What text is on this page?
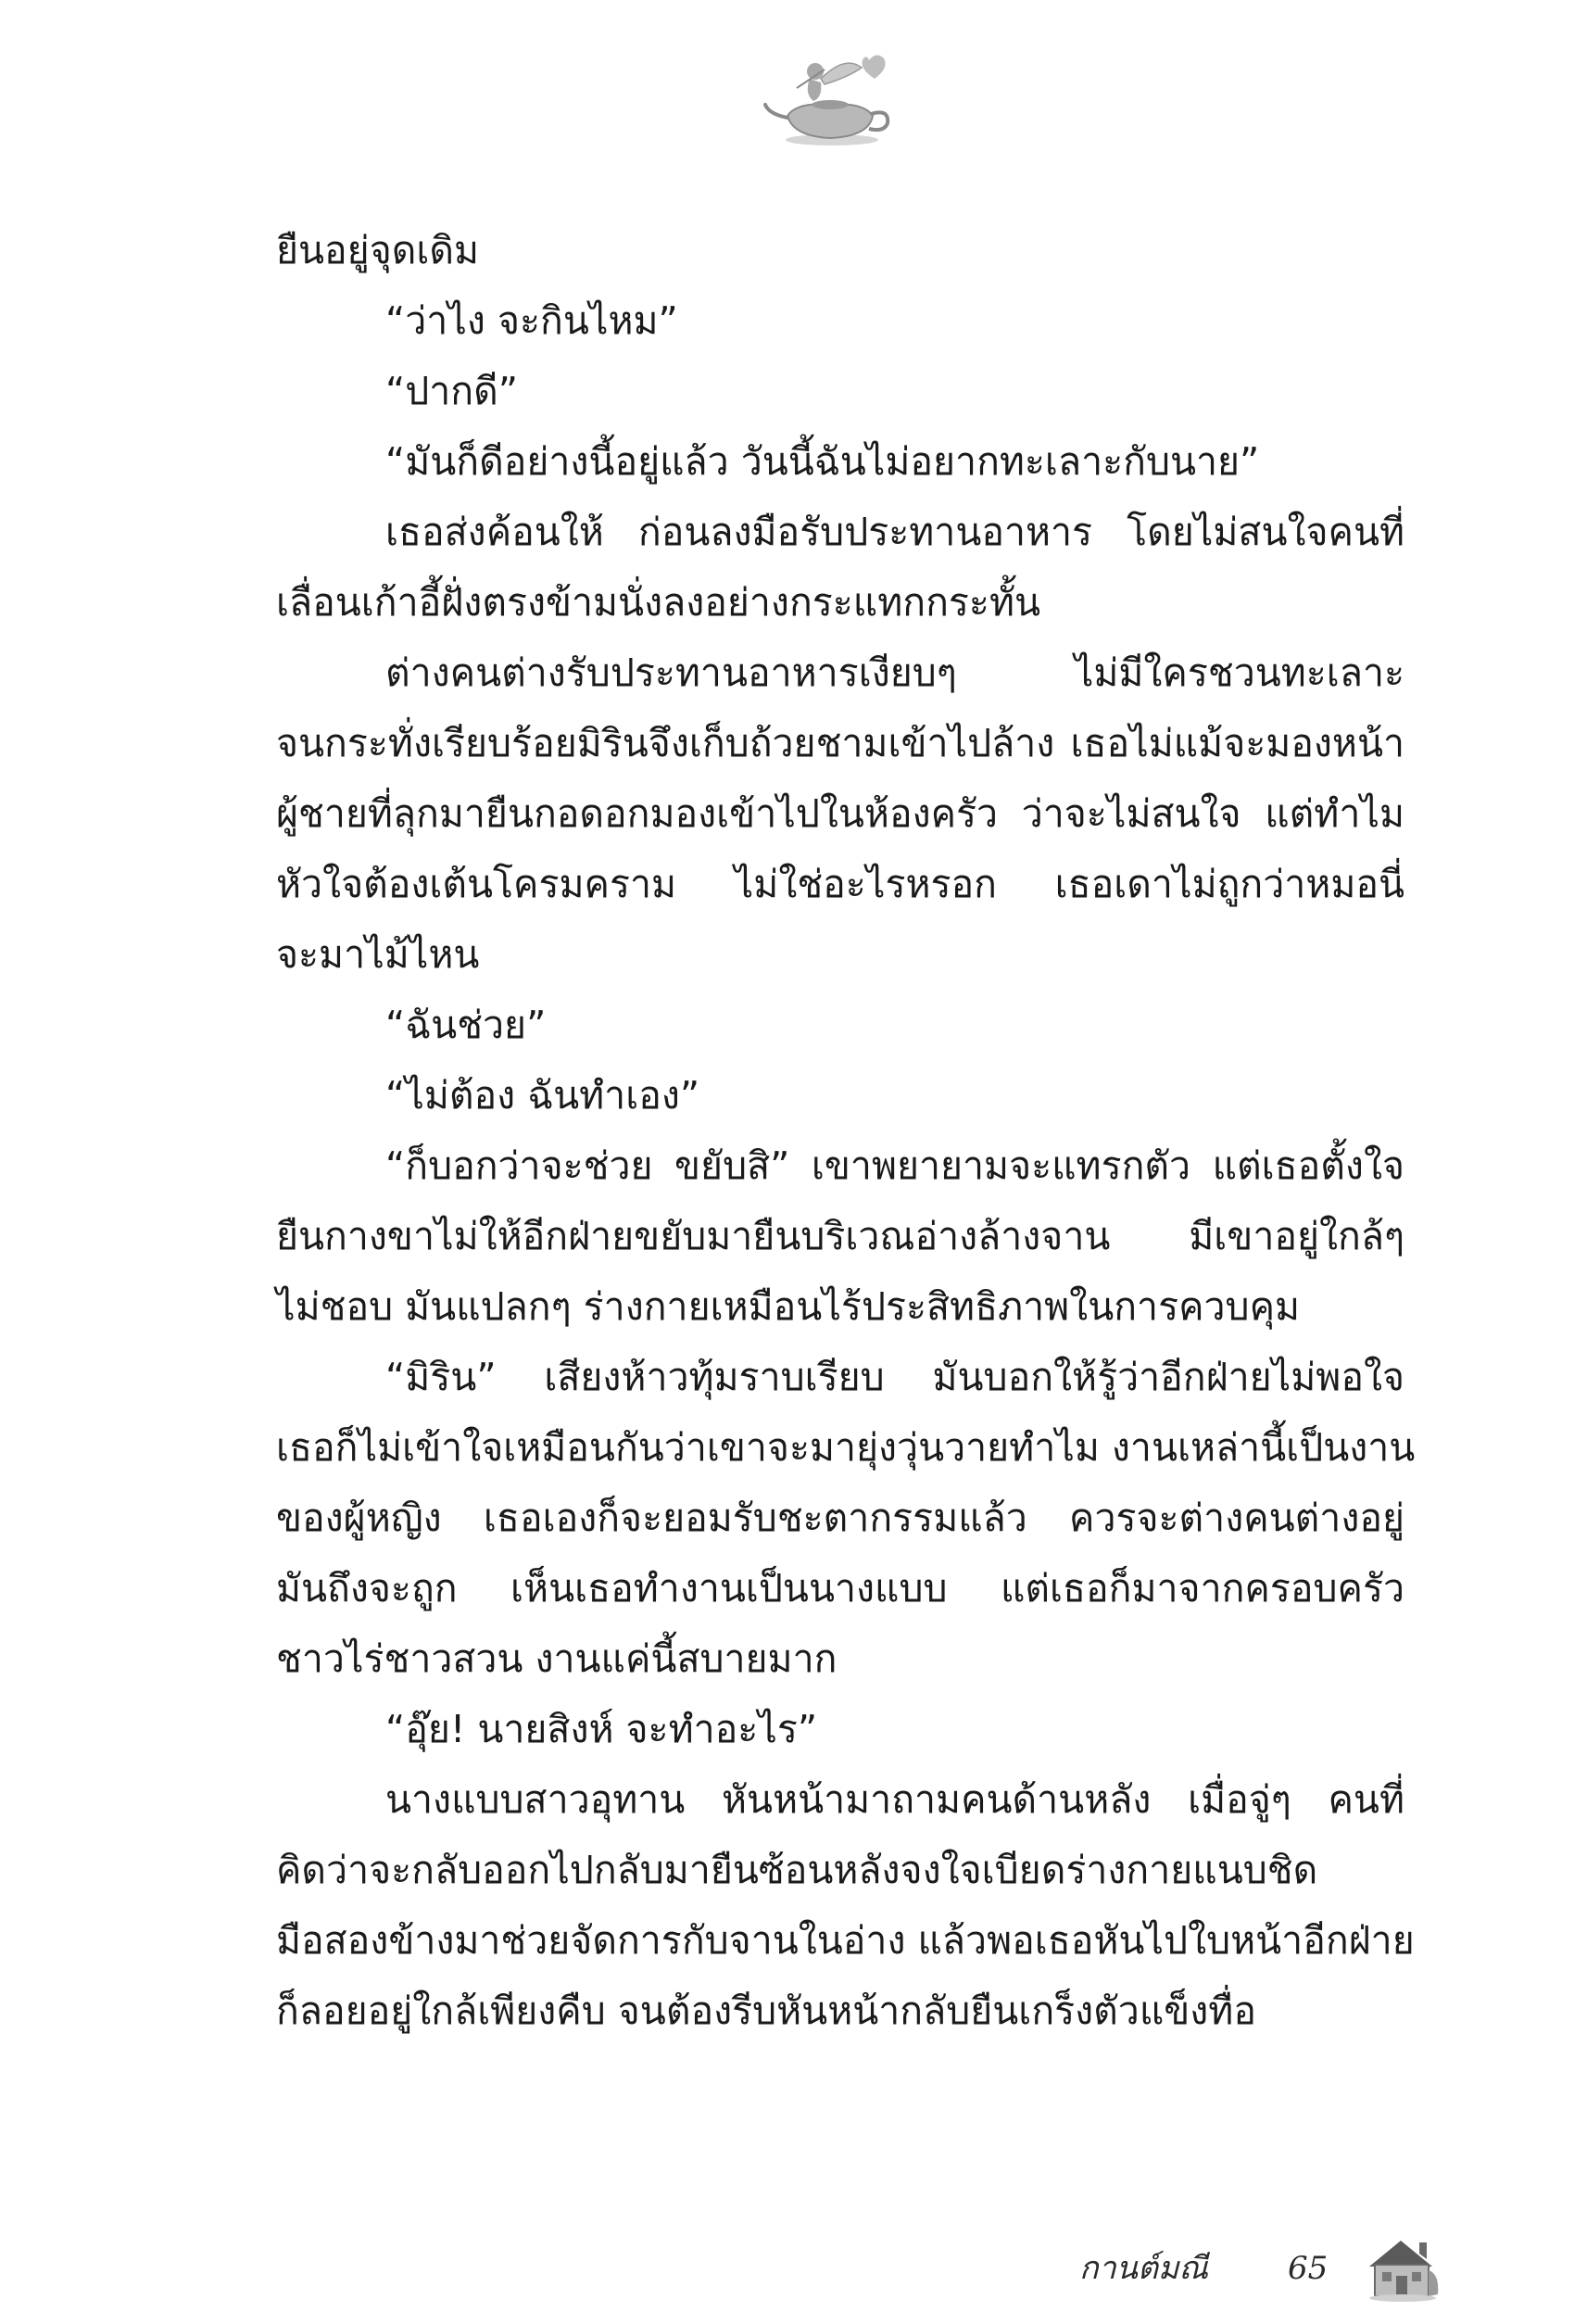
ยืนอยู่จุดเดิม
“ว่าไง จะกินไหม”
“ปากดี”
“มันก็ดีอย่างนี้อยู่แล้ว วันนี้ฉันไม่อยากทะเลาะกับนาย”
เธอส่งค้อนให้ ก่อนลงมือรับประทานอาหาร โดยไม่สนใจคนที่
เลื่อนเก้าอี้ฝั่งตรงข้ามนั่งลงอย่างกระแทกกระทั้น
ต่างคนต่างรับประทานอาหารเงียบๆ ไม่มีใครชวนทะเลาะ
จนกระทั่งเรียบร้อยมิรินจึงเก็บถ้วยชามเข้าไปล้าง เธอไม่แม้จะมองหน้า
ผู้ชายที่ลุกมายืนกอดอกมองเข้าไปในห้องครัว ว่าจะไม่สนใจ แต่ทำไม
หัวใจต้องเต้นโครมคราม ไม่ใช่อะไรหรอก เธอเดาไม่ถูกว่าหมอนี่
จะมาไม้ไหน
“ฉันช่วย”
“ไม่ต้อง ฉันทำเอง”
“ก็บอกว่าจะช่วย ขยับสิ” เขาพยายามจะแทรกตัว แต่เธอตั้งใจ
ยืนกางขาไม่ให้อีกฝ่ายขยับมายืนบริเวณอ่างล้างจาน มีเขาอยู่ใกล้ๆ
ไม่ชอบ มันแปลกๆ ร่างกายเหมือนไร้ประสิทธิภาพในการควบคุม
“มิริน” เสียงห้าวทุ้มราบเรียบ มันบอกให้รู้ว่าอีกฝ่ายไม่พอใจ
เธอก็ไม่เข้าใจเหมือนกันว่าเขาจะมายุ่งวุ่นวายทำไม งานเหล่านี้เป็นงาน
ของผู้หญิง เธอเองก็จะยอมรับชะตากรรมแล้ว ควรจะต่างคนต่างอยู่
มันถึงจะถูก เห็นเธอทำงานเป็นนางแบบ แต่เธอก็มาจากครอบครัว
ชาวไร่ชาวสวน งานแค่นี้สบายมาก
“อุ๊ย! นายสิงห์ จะทำอะไร”
นางแบบสาวอุทาน หันหน้ามาถามคนด้านหลัง เมื่อจู่ๆ คนที่
คิดว่าจะกลับออกไปกลับมายืนซ้อนหลังจงใจเบียดร่างกายแนบชิด
มือสองข้างมาช่วยจัดการกับจานในอ่าง แล้วพอเธอหันไปใบหน้าอีกฝ่าย
ก็ลอยอยู่ใกล้เพียงคืบ จนต้องรีบหันหน้ากลับยืนเกร็งตัวแข็งทื่อ
กานต์มณี	65
